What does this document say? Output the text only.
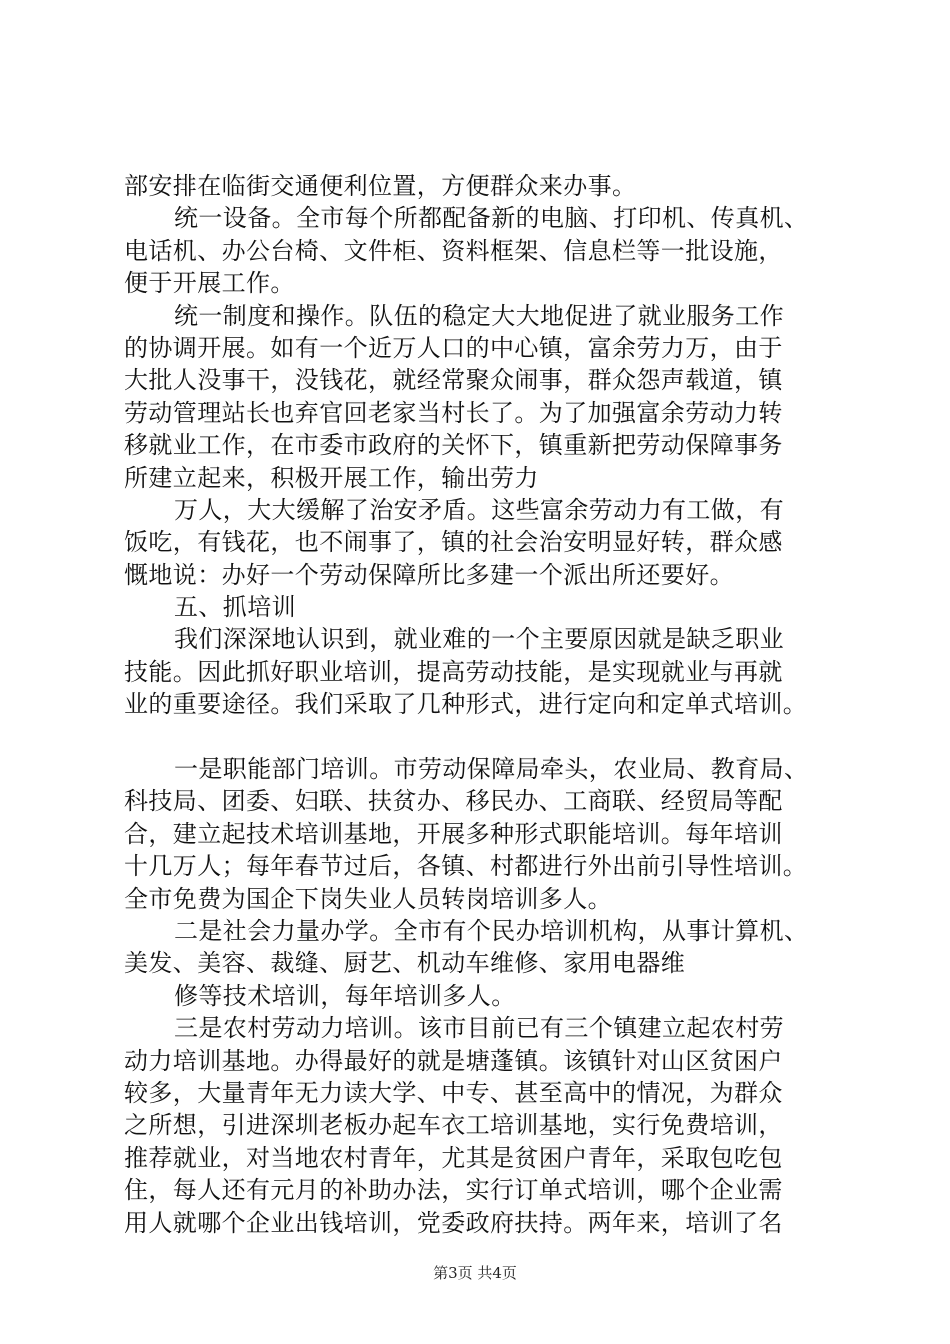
部安排在临街交通便利位置，方便群众来办事。
统一设备。全市每个所都配备新的电脑、打印机、传真机、
电话机、办公台椅、文件柜、资料框架、信息栏等一批设施，
便于开展工作。
统一制度和操作。队伍的稳定大大地促进了就业服务工作
的协调开展。如有一个近万人口的中心镇，富余劳力万，由于
大批人没事干，没钱花，就经常聚众闹事，群众怨声载道，镇
劳动管理站长也弃官回老家当村长了。为了加强富余劳动力转
移就业工作，在市委市政府的关怀下，镇重新把劳动保障事务
所建立起来，积极开展工作，输出劳力
万人，大大缓解了治安矛盾。这些富余劳动力有工做，有
饭吃，有钱花，也不闹事了，镇的社会治安明显好转，群众感
慨地说：办好一个劳动保障所比多建一个派出所还要好。
五、抓培训
我们深深地认识到，就业难的一个主要原因就是缺乏职业
技能。因此抓好职业培训，提高劳动技能，是实现就业与再就
业的重要途径。我们采取了几种形式，进行定向和定单式培训。
一是职能部门培训。市劳动保障局牵头，农业局、教育局、
科技局、团委、妇联、扶贫办、移民办、工商联、经贸局等配
合，建立起技术培训基地，开展多种形式职能培训。每年培训
十几万人；每年春节过后，各镇、村都进行外出前引导性培训。
全市免费为国企下岗失业人员转岗培训多人。
二是社会力量办学。全市有个民办培训机构，从事计算机、
美发、美容、裁缝、厨艺、机动车维修、家用电器维
修等技术培训，每年培训多人。
三是农村劳动力培训。该市目前已有三个镇建立起农村劳
动力培训基地。办得最好的就是塘蓬镇。该镇针对山区贫困户
较多，大量青年无力读大学、中专、甚至高中的情况，为群众
之所想，引进深圳老板办起车衣工培训基地，实行免费培训，
推荐就业，对当地农村青年，尤其是贫困户青年，采取包吃包
住，每人还有元月的补助办法，实行订单式培训，哪个企业需
用人就哪个企业出钱培训，党委政府扶持。两年来，培训了名
第3页 共4页
